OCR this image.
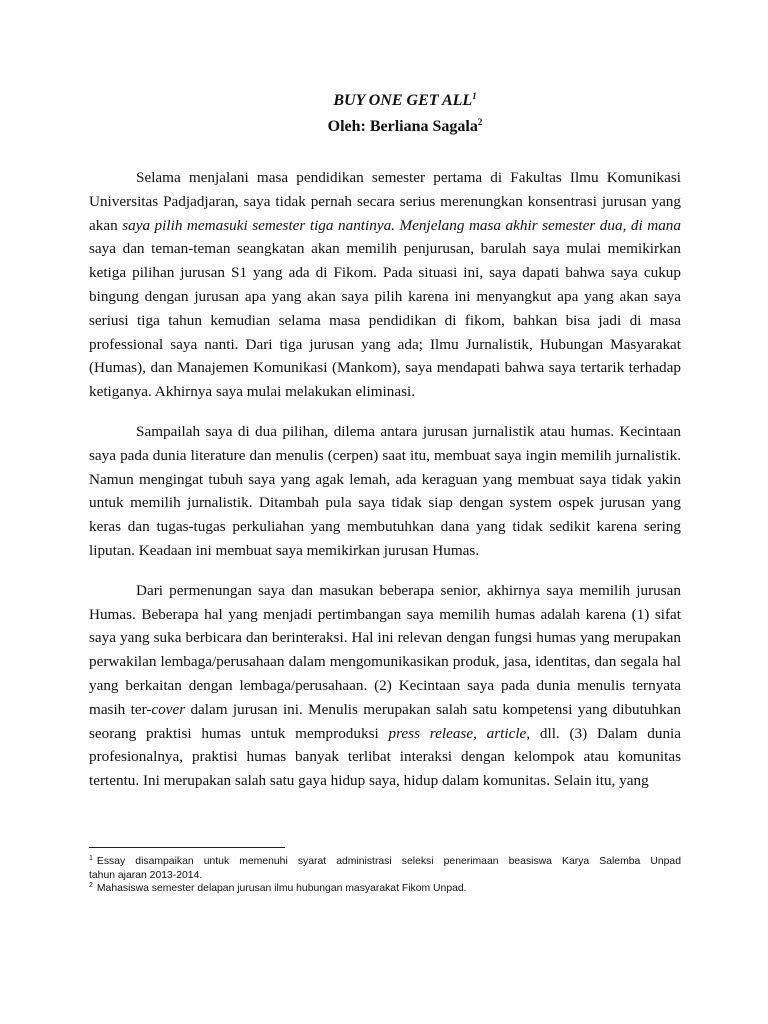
BUY ONE GET ALL$^1$
Oleh: Berliana Sagala$^2$
Selama menjalani masa pendidikan semester pertama di Fakultas Ilmu Komunikasi
Universitas Padjadjaran, saya tidak pernah secara serius merenungkan konsentrasi jurusan yang
akan saya pilih memasuki semester tiga nantinya. Menjelang masa akhir semester dua, di mana
saya dan teman-teman seangkatan akan memilih penjurusan, barulah saya mulai memikirkan
ketiga pilihan jurusan S1 yang ada di Fikom. Pada situasi ini, saya dapati bahwa saya cukup
bingung dengan jurusan apa yang akan saya pilih karena ini menyangkut apa yang akan saya
seriusi tiga tahun kemudian selama masa pendidikan di fikom, bahkan bisa jadi di masa
professional saya nanti. Dari tiga jurusan yang ada; Ilmu Jurnalistik, Hubungan Masyarakat
(Humas), dan Manajemen Komunikasi (Mankom), saya mendapati bahwa saya tertarik terhadap
ketiganya. Akhirnya saya mulai melakukan eliminasi.
Sampailah saya di dua pilihan, dilema antara jurusan jurnalistik atau humas. Kecintaan
saya pada dunia literature dan menulis (cerpen) saat itu, membuat saya ingin memilih jurnalistik.
Namun mengingat tubuh saya yang agak lemah, ada keraguan yang membuat saya tidak yakin
untuk memilih jurnalistik. Ditambah pula saya tidak siap dengan system ospek jurusan yang
keras dan tugas-tugas perkuliahan yang membutuhkan dana yang tidak sedikit karena sering
liputan. Keadaan ini membuat saya memikirkan jurusan Humas.
Dari permenungan saya dan masukan beberapa senior, akhirnya saya memilih jurusan
Humas. Beberapa hal yang menjadi pertimbangan saya memilih humas adalah karena (1) sifat
saya yang suka berbicara dan berinteraksi. Hal ini relevan dengan fungsi humas yang merupakan
perwakilan lembaga/perusahaan dalam mengomunikasikan produk, jasa, identitas, dan segala hal
yang berkaitan dengan lembaga/perusahaan. (2) Kecintaan saya pada dunia menulis ternyata
masih ter-cover dalam jurusan ini. Menulis merupakan salah satu kompetensi yang dibutuhkan
seorang praktisi humas untuk memproduksi press release, article, dll. (3) Dalam dunia
profesionalnya, praktisi humas banyak terlibat interaksi dengan kelompok atau komunitas
tertentu. Ini merupakan salah satu gaya hidup saya, hidup dalam komunitas. Selain itu, yang
$^1$ Essay disampaikan untuk memenuhi syarat administrasi seleksi penerimaan beasiswa Karya Salemba Unpad
tahun ajaran 2013-2014.
$^2$ Mahasiswa semester delapan jurusan ilmu hubungan masyarakat Fikom Unpad.
